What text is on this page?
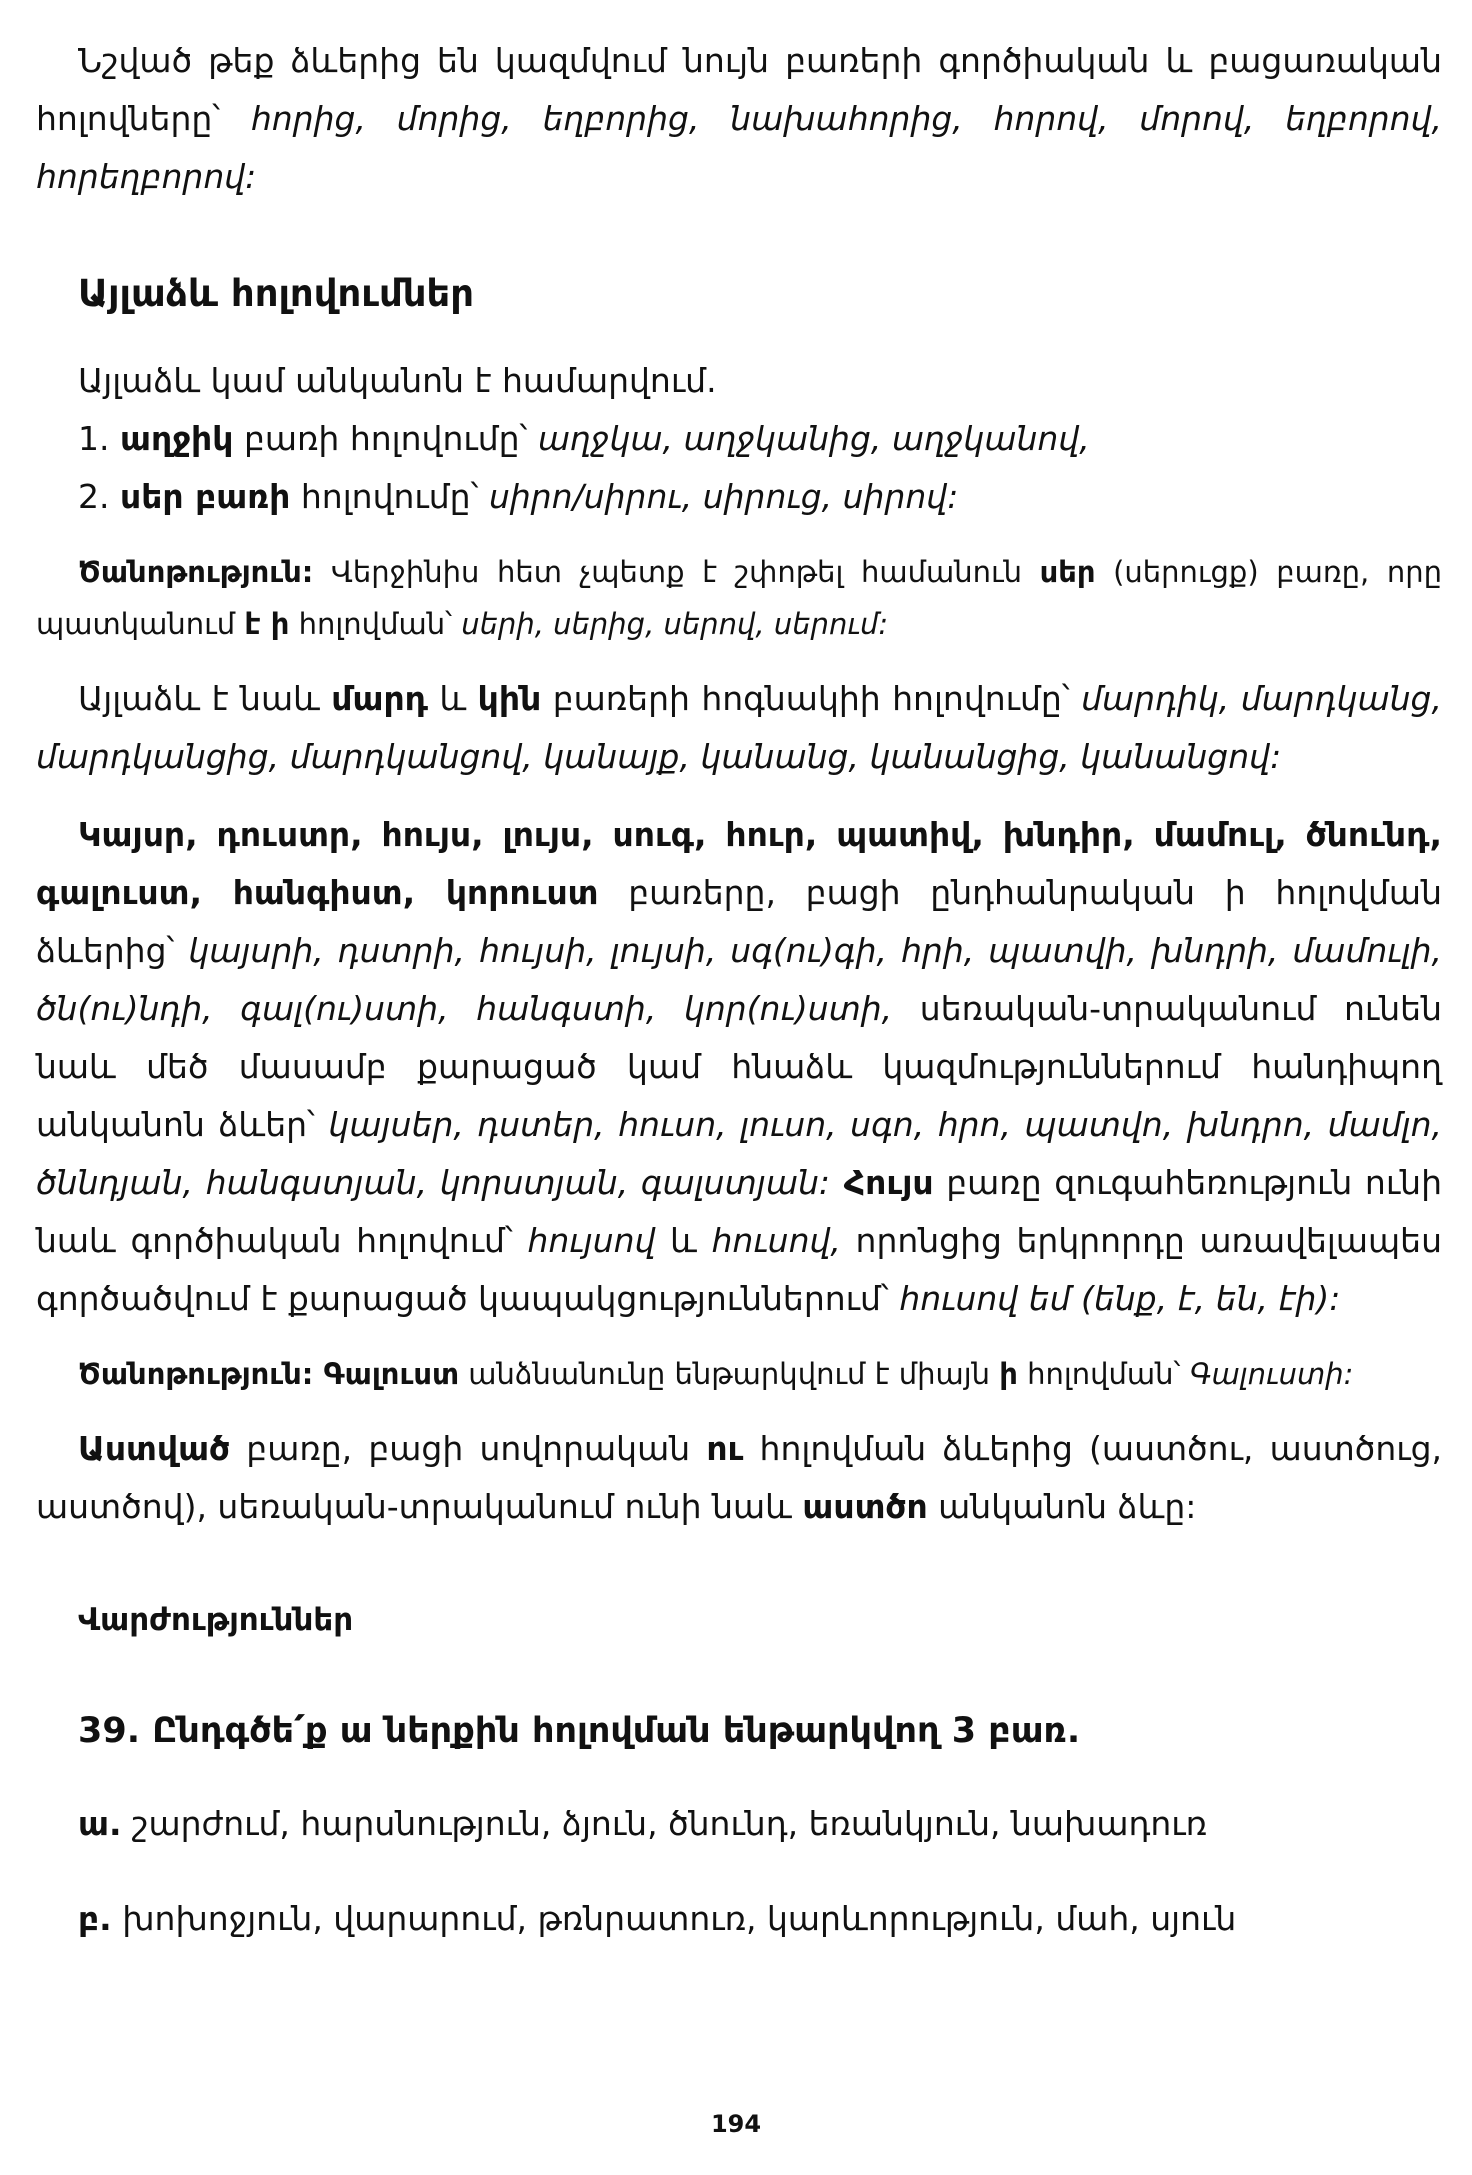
Նշված թեք ձևերից են կազմվում նույն բառերի գործիական և բացառական հոլովները՝ հորից, մորից, եղբորից, նախահորից, հորով, մորով, եղբորով, հորեղբորով:

Այլաձև հոլովումներ

Այլաձև կամ անկանոն է համարվում.

1. աղջիկ բառի հոլովումը՝ աղջկա, աղջկանից, աղջկանով,

2. սեր բառի հոլովումը՝ սիրո/սիրու, սիրուց, սիրով:

Ծանոթություն: Վերջինիս հետ չպետք է շփոթել համանուն սեր (սերուցք) բառը, որը պատկանում է ի հոլովման՝ սերի, սերից, սերով, սերում:

Այլաձև է նաև մարդ և կին բառերի հոգնակիի հոլովումը՝ մարդիկ, մարդկանց, մարդկանցից, մարդկանցով, կանայք, կանանց, կանանցից, կանանցով:

Կայսր, դուստր, հույս, լույս, սուգ, հուր, պատիվ, խնդիր, մամուլ, ծնունդ, գալուստ, հանգիստ, կորուստ բառերը, բացի ընդհանրական ի հոլովման ձևերից՝ կայսրի, դստրի, հույսի, լույսի, սգ(ու)գի, հրի, պատվի, խնդրի, մամուլի, ծն(ու)նդի, գալ(ու)ստի, հանգստի, կոր(ու)ստի, սեռական-տրականում ունեն նաև մեծ մասամբ քարացած կամ հնաձև կազմություններում հանդիպող անկանոն ձևեր՝ կայսեր, դստեր, հուսո, լուսո, սգո, հրո, պատվո, խնդրո, մամլո, ծննդյան, հանգստյան, կորստյան, գալստյան: Հույս բառը զուգահեռություն ունի նաև գործիական հոլովում՝ հույսով և հուսով, որոնցից երկրորդը առավելապես գործածվում է քարացած կապակցություններում՝ հուսով եմ (ենք, է, են, էի):

Ծանոթություն: Գալուստ անձնանունը ենթարկվում է միայն ի հոլովման՝ Գալուստի:

Աստված բառը, բացի սովորական ու հոլովման ձևերից (աստծու, աստծուց, աստծով), սեռական-տրականում ունի նաև աստծո անկանոն ձևը:

Վարժություններ
39. Ընդգծե՛ք ա ներքին հոլովման ենթարկվող 3 բառ.

ա. շարժում, հարսնություն, ձյուն, ծնունդ, եռանկյուն, նախադուռ

բ. խոխոջյուն, վարարում, թռնրատուռ, կարևորություն, մահ, սյուն

194
